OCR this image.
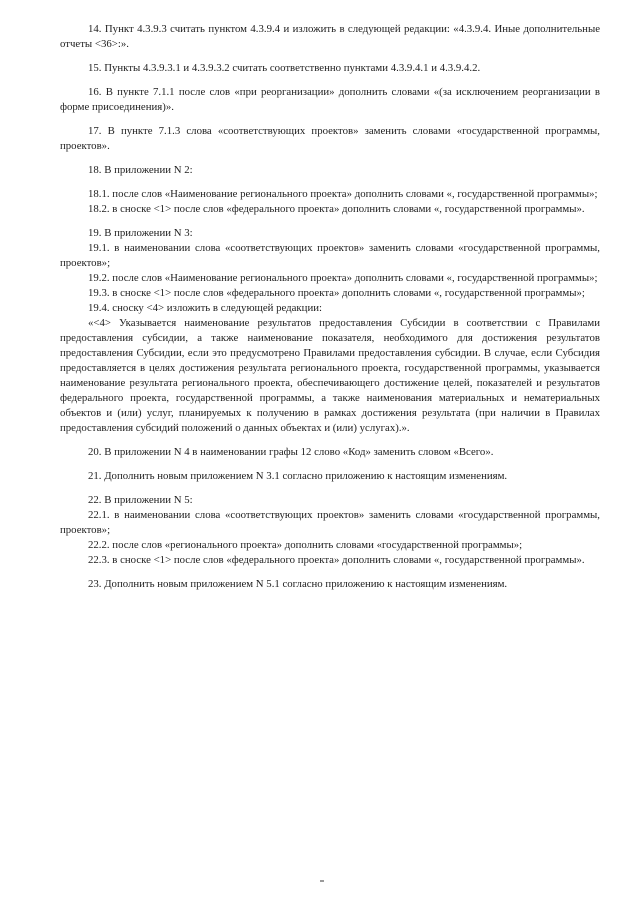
14. Пункт 4.3.9.3 считать пунктом 4.3.9.4 и изложить в следующей редакции: «4.3.9.4. Иные дополнительные отчеты <36>:».

15. Пункты 4.3.9.3.1 и 4.3.9.3.2 считать соответственно пунктами 4.3.9.4.1 и 4.3.9.4.2.

16. В пункте 7.1.1 после слов «при реорганизации» дополнить словами «(за исключением реорганизации в форме присоединения)».

17. В пункте 7.1.3 слова «соответствующих проектов» заменить словами «государственной программы, проектов».

18. В приложении N 2:

18.1. после слов «Наименование регионального проекта» дополнить словами «, государственной программы»;

18.2. в сноске <1> после слов «федерального проекта» дополнить словами «, государственной программы».

19. В приложении N 3:

19.1. в наименовании слова «соответствующих проектов» заменить словами «государственной программы, проектов»;

19.2. после слов «Наименование регионального проекта» дополнить словами «, государственной программы»;

19.3. в сноске <1> после слов «федерального проекта» дополнить словами «, государственной программы»;

19.4. сноску <4> изложить в следующей редакции:

«<4> Указывается наименование результатов предоставления Субсидии в соответствии с Правилами предоставления субсидии, а также наименование показателя, необходимого для достижения результатов предоставления Субсидии, если это предусмотрено Правилами предоставления субсидии. В случае, если Субсидия предоставляется в целях достижения результата регионального проекта, государственной программы, указывается наименование результата регионального проекта, обеспечивающего достижение целей, показателей и результатов федерального проекта, государственной программы, а также наименования материальных и нематериальных объектов и (или) услуг, планируемых к получению в рамках достижения результата (при наличии в Правилах предоставления субсидий положений о данных объектах и (или) услугах).».

20. В приложении N 4 в наименовании графы 12 слово «Код» заменить словом «Всего».

21. Дополнить новым приложением N 3.1 согласно приложению к настоящим изменениям.

22. В приложении N 5:

22.1. в наименовании слова «соответствующих проектов» заменить словами «государственной программы, проектов»;

22.2. после слов «регионального проекта» дополнить словами «государственной программы»;

22.3. в сноске <1> после слов «федерального проекта» дополнить словами «, государственной программы».

23. Дополнить новым приложением N 5.1 согласно приложению к настоящим изменениям.
